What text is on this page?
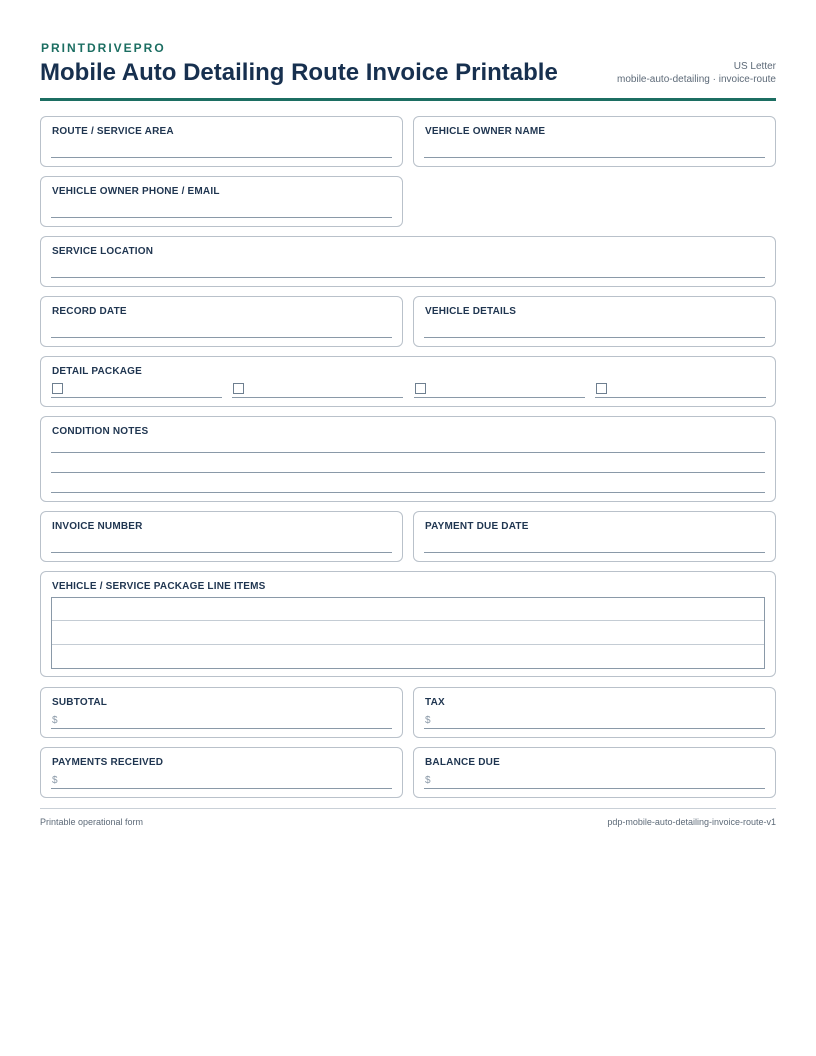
PRINTDRIVEPRO
Mobile Auto Detailing Route Invoice Printable	US Letter
mobile-auto-detailing · invoice-route
ROUTE / SERVICE AREA	VEHICLE OWNER NAME
VEHICLE OWNER PHONE / EMAIL
SERVICE LOCATION
RECORD DATE	VEHICLE DETAILS
DETAIL PACKAGE
CONDITION NOTES
INVOICE NUMBER	PAYMENT DUE DATE
VEHICLE / SERVICE PACKAGE LINE ITEMS
SUBTOTAL
$
TAX
$
PAYMENTS RECEIVED
$
BALANCE DUE
$
Printable operational form	pdp-mobile-auto-detailing-invoice-route-v1
